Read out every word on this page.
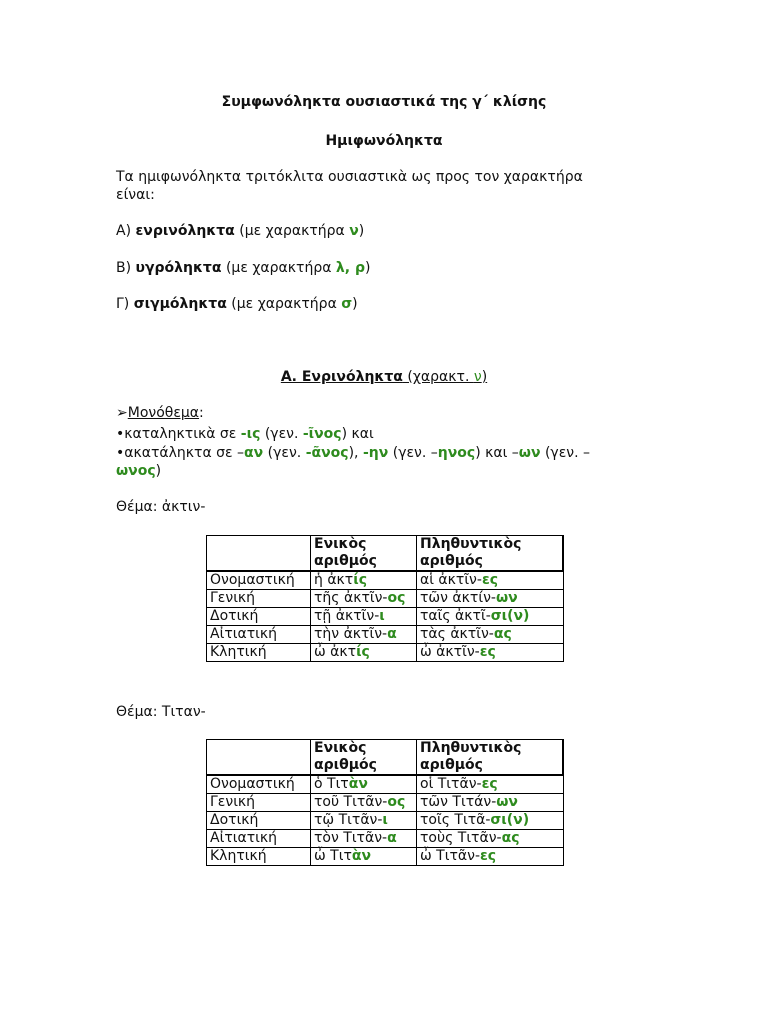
Συμφωνόληκτα ουσιαστικά της γ΄ κλίσης
Ημιφωνόληκτα
Τα ημιφωνόληκτα τριτόκλιτα ουσιαστικὰ ως προς τον χαρακτήρα
είναι:
Α) ενρινόληκτα (με χαρακτήρα ν)
Β) υγρόληκτα (με χαρακτήρα λ, ρ)
Γ) σιγμόληκτα (με χαρακτήρα σ)
Α. Ενρινόληκτα (χαρακτ. ν)
➢Μονόθεμα:
•καταληκτικὰ σε -ις (γεν. -ῖνος) και
•ακατάληκτα σε –αν (γεν. -ᾶνος), -ην (γεν. –ηνος) και –ων (γεν. –
ωνος)
Θέμα: ἀκτιν-
	Ενικὸς αριθμός	Πληθυντικὸς αριθμός
Ονομαστική	ἡ ἀκτίς	αἱ ἀκτῖν-ες
Γενική	τῆς ἀκτῖν-ος	τῶν ἀκτίν-ων
Δοτική	τῇ ἀκτῖν-ι	ταῖς ἀκτῖ-σι(ν)
Αἰτιατική	τὴν ἀκτῖν-α	τὰς ἀκτῖν-ας
Κλητική	ὦ ἀκτίς	ὦ ἀκτῖν-ες
Θέμα: Τιταν-
	Ενικὸς αριθμός	Πληθυντικὸς αριθμός
Ονομαστική	ὁ Τιτὰν	οἱ Τιτᾶν-ες
Γενική	τοῦ Τιτᾶν-ος	τῶν Τιτάν-ων
Δοτική	τῷ Τιτᾶν-ι	τοῖς Τιτᾶ-σι(ν)
Αἰτιατική	τὸν Τιτᾶν-α	τοὺς Τιτᾶν-ας
Κλητική	ὦ Τιτὰν	ὦ Τιτᾶν-ες
